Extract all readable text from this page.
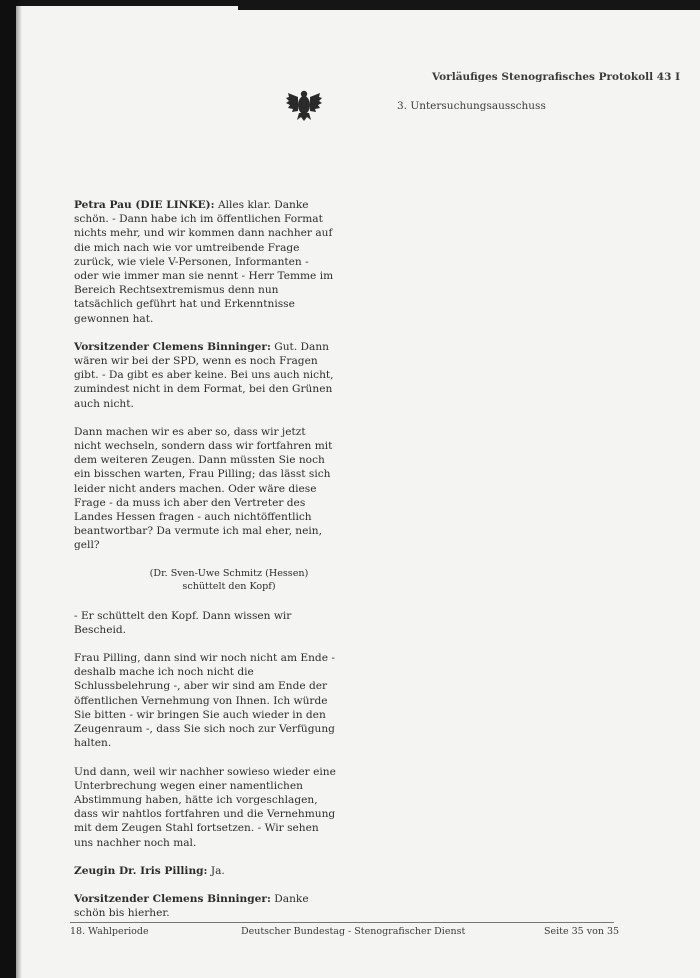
Vorläufiges Stenografisches Protokoll 43 I
3. Untersuchungsausschuss

Petra Pau (DIE LINKE): Alles klar. Danke schön. - Dann habe ich im öffentlichen Format nichts mehr, und wir kommen dann nachher auf die mich nach wie vor umtreibende Frage zurück, wie viele V-Personen, Informanten - oder wie immer man sie nennt - Herr Temme im Bereich Rechtsextremismus denn nun tatsächlich geführt hat und Erkenntnisse gewonnen hat.

Vorsitzender Clemens Binninger: Gut. Dann wären wir bei der SPD, wenn es noch Fragen gibt. - Da gibt es aber keine. Bei uns auch nicht, zumindest nicht in dem Format, bei den Grünen auch nicht.

Dann machen wir es aber so, dass wir jetzt nicht wechseln, sondern dass wir fortfahren mit dem weiteren Zeugen. Dann müssten Sie noch ein bisschen warten, Frau Pilling; das lässt sich leider nicht anders machen. Oder wäre diese Frage - da muss ich aber den Vertreter des Landes Hessen fragen - auch nichtöffentlich beantwortbar? Da vermute ich mal eher, nein, gell?

(Dr. Sven-Uwe Schmitz (Hessen) schüttelt den Kopf)

- Er schüttelt den Kopf. Dann wissen wir Bescheid.

Frau Pilling, dann sind wir noch nicht am Ende - deshalb mache ich noch nicht die Schlussbelehrung -, aber wir sind am Ende der öffentlichen Vernehmung von Ihnen. Ich würde Sie bitten - wir bringen Sie auch wieder in den Zeugenraum -, dass Sie sich noch zur Verfügung halten.

Und dann, weil wir nachher sowieso wieder eine Unterbrechung wegen einer namentlichen Abstimmung haben, hätte ich vorgeschlagen, dass wir nahtlos fortfahren und die Vernehmung mit dem Zeugen Stahl fortsetzen. - Wir sehen uns nachher noch mal.

Zeugin Dr. Iris Pilling: Ja.

Vorsitzender Clemens Binninger: Danke schön bis hierher.

18. Wahlperiode	Deutscher Bundestag - Stenografischer Dienst	Seite 35 von 35
